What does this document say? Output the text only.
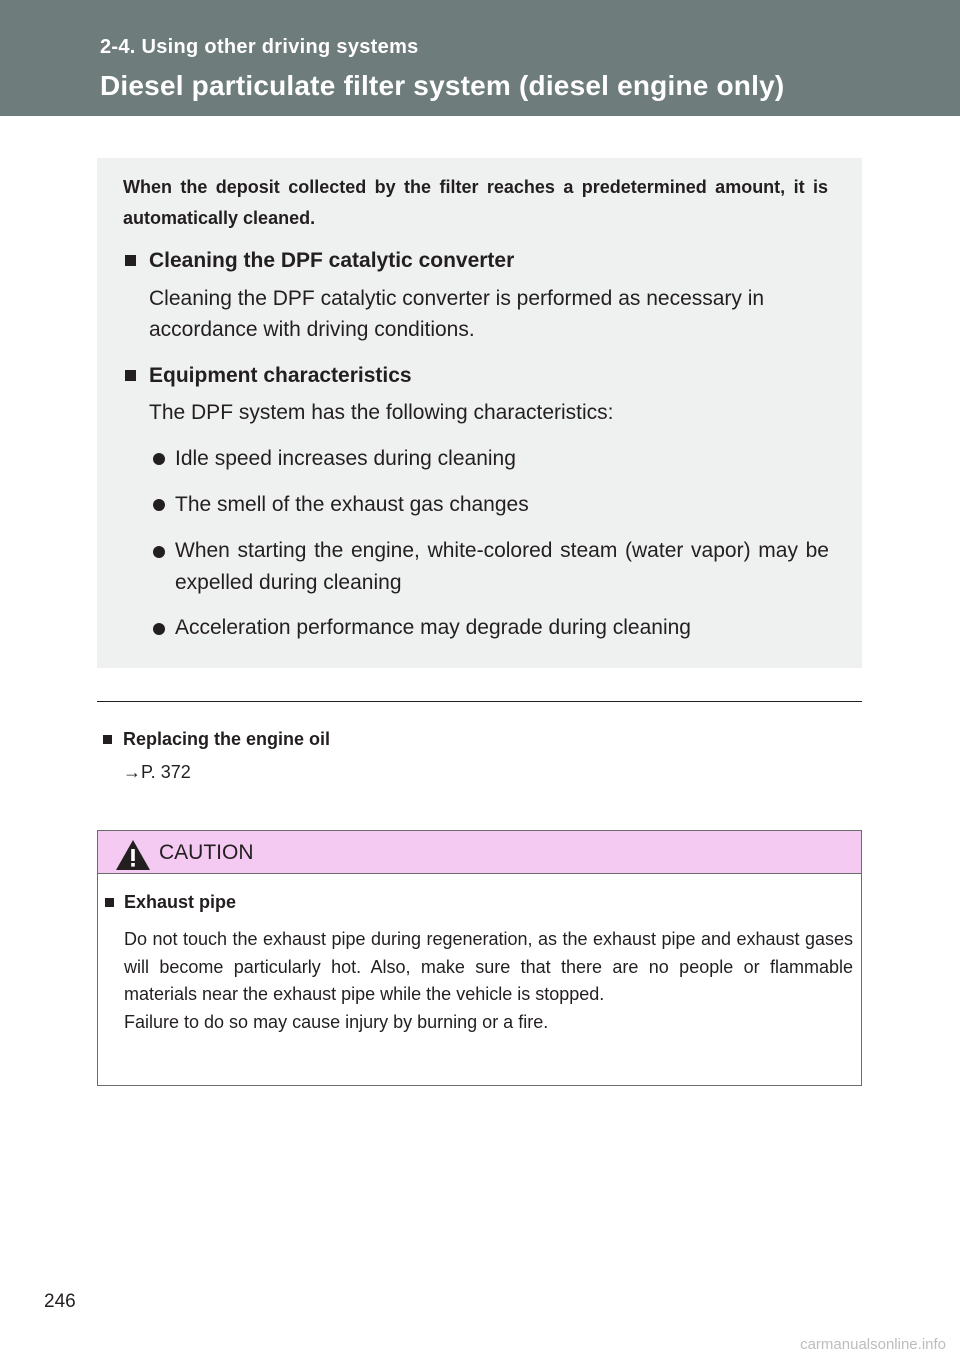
2-4. Using other driving systems
Diesel particulate filter system (diesel engine only)
When the deposit collected by the filter reaches a predetermined amount, it is automatically cleaned.
Cleaning the DPF catalytic converter
Cleaning the DPF catalytic converter is performed as necessary in accordance with driving conditions.
Equipment characteristics
The DPF system has the following characteristics:
Idle speed increases during cleaning
The smell of the exhaust gas changes
When starting the engine, white-colored steam (water vapor) may be expelled during cleaning
Acceleration performance may degrade during cleaning
Replacing the engine oil
→P. 372
CAUTION
Exhaust pipe

Do not touch the exhaust pipe during regeneration, as the exhaust pipe and exhaust gases will become particularly hot. Also, make sure that there are no people or flammable materials near the exhaust pipe while the vehicle is stopped.

Failure to do so may cause injury by burning or a fire.

246
carmanualsonline.info
